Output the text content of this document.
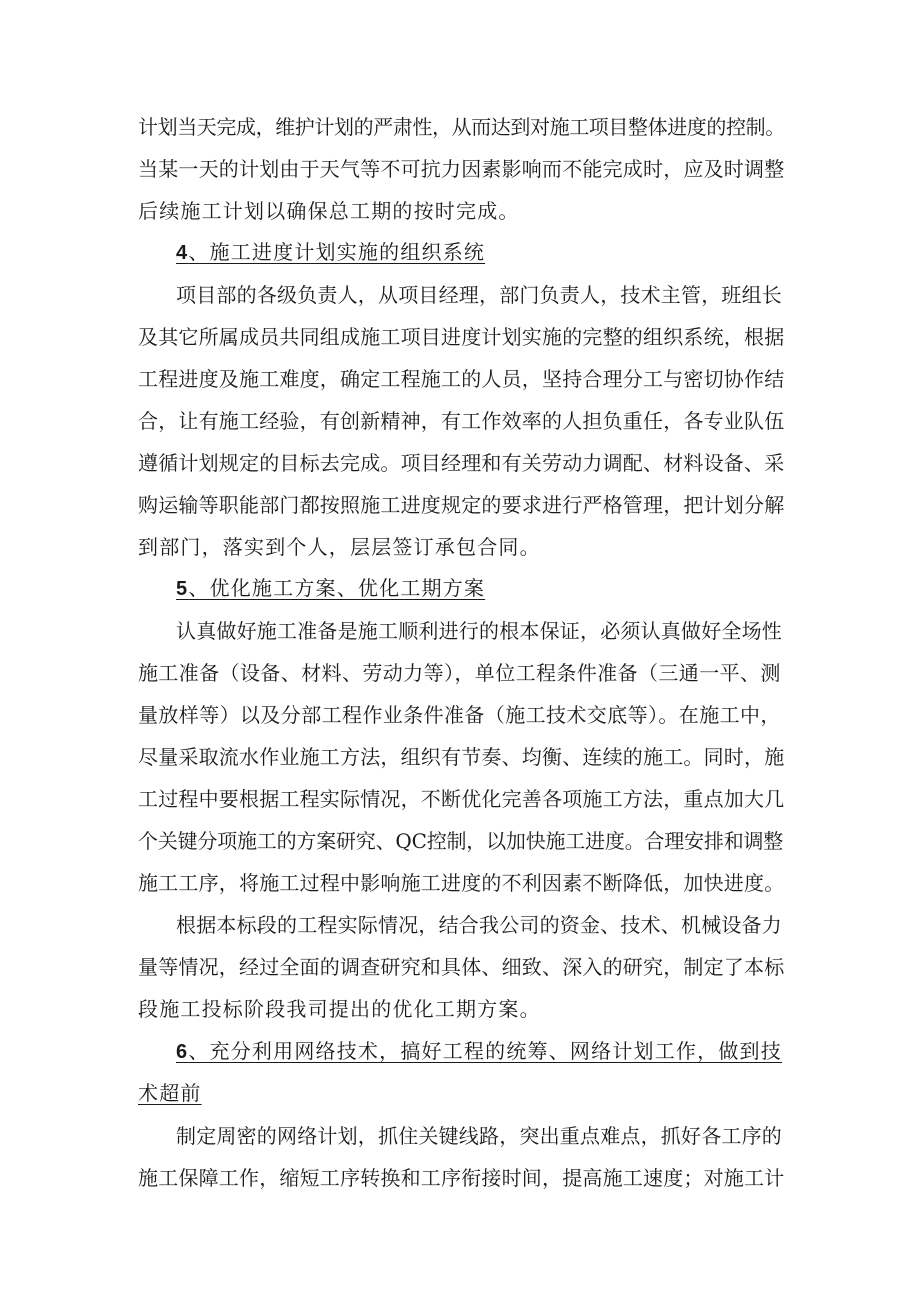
计划当天完成，维护计划的严肃性，从而达到对施工项目整体进度的控制。
当某一天的计划由于天气等不可抗力因素影响而不能完成时，应及时调整
后续施工计划以确保总工期的按时完成。
4、施工进度计划实施的组织系统
项目部的各级负责人，从项目经理，部门负责人，技术主管，班组长
及其它所属成员共同组成施工项目进度计划实施的完整的组织系统，根据
工程进度及施工难度，确定工程施工的人员，坚持合理分工与密切协作结
合，让有施工经验，有创新精神，有工作效率的人担负重任，各专业队伍
遵循计划规定的目标去完成。项目经理和有关劳动力调配、材料设备、采
购运输等职能部门都按照施工进度规定的要求进行严格管理，把计划分解
到部门，落实到个人，层层签订承包合同。
5、优化施工方案、优化工期方案
认真做好施工准备是施工顺利进行的根本保证，必须认真做好全场性
施工准备（设备、材料、劳动力等），单位工程条件准备（三通一平、测
量放样等）以及分部工程作业条件准备（施工技术交底等）。在施工中，
尽量采取流水作业施工方法，组织有节奏、均衡、连续的施工。同时，施
工过程中要根据工程实际情况，不断优化完善各项施工方法，重点加大几
个关键分项施工的方案研究、QC控制，以加快施工进度。合理安排和调整
施工工序，将施工过程中影响施工进度的不利因素不断降低，加快进度。
根据本标段的工程实际情况，结合我公司的资金、技术、机械设备力
量等情况，经过全面的调查研究和具体、细致、深入的研究，制定了本标
段施工投标阶段我司提出的优化工期方案。
6、充分利用网络技术，搞好工程的统筹、网络计划工作，做到技
术超前
制定周密的网络计划，抓住关键线路，突出重点难点，抓好各工序的
施工保障工作，缩短工序转换和工序衔接时间，提高施工速度；对施工计
